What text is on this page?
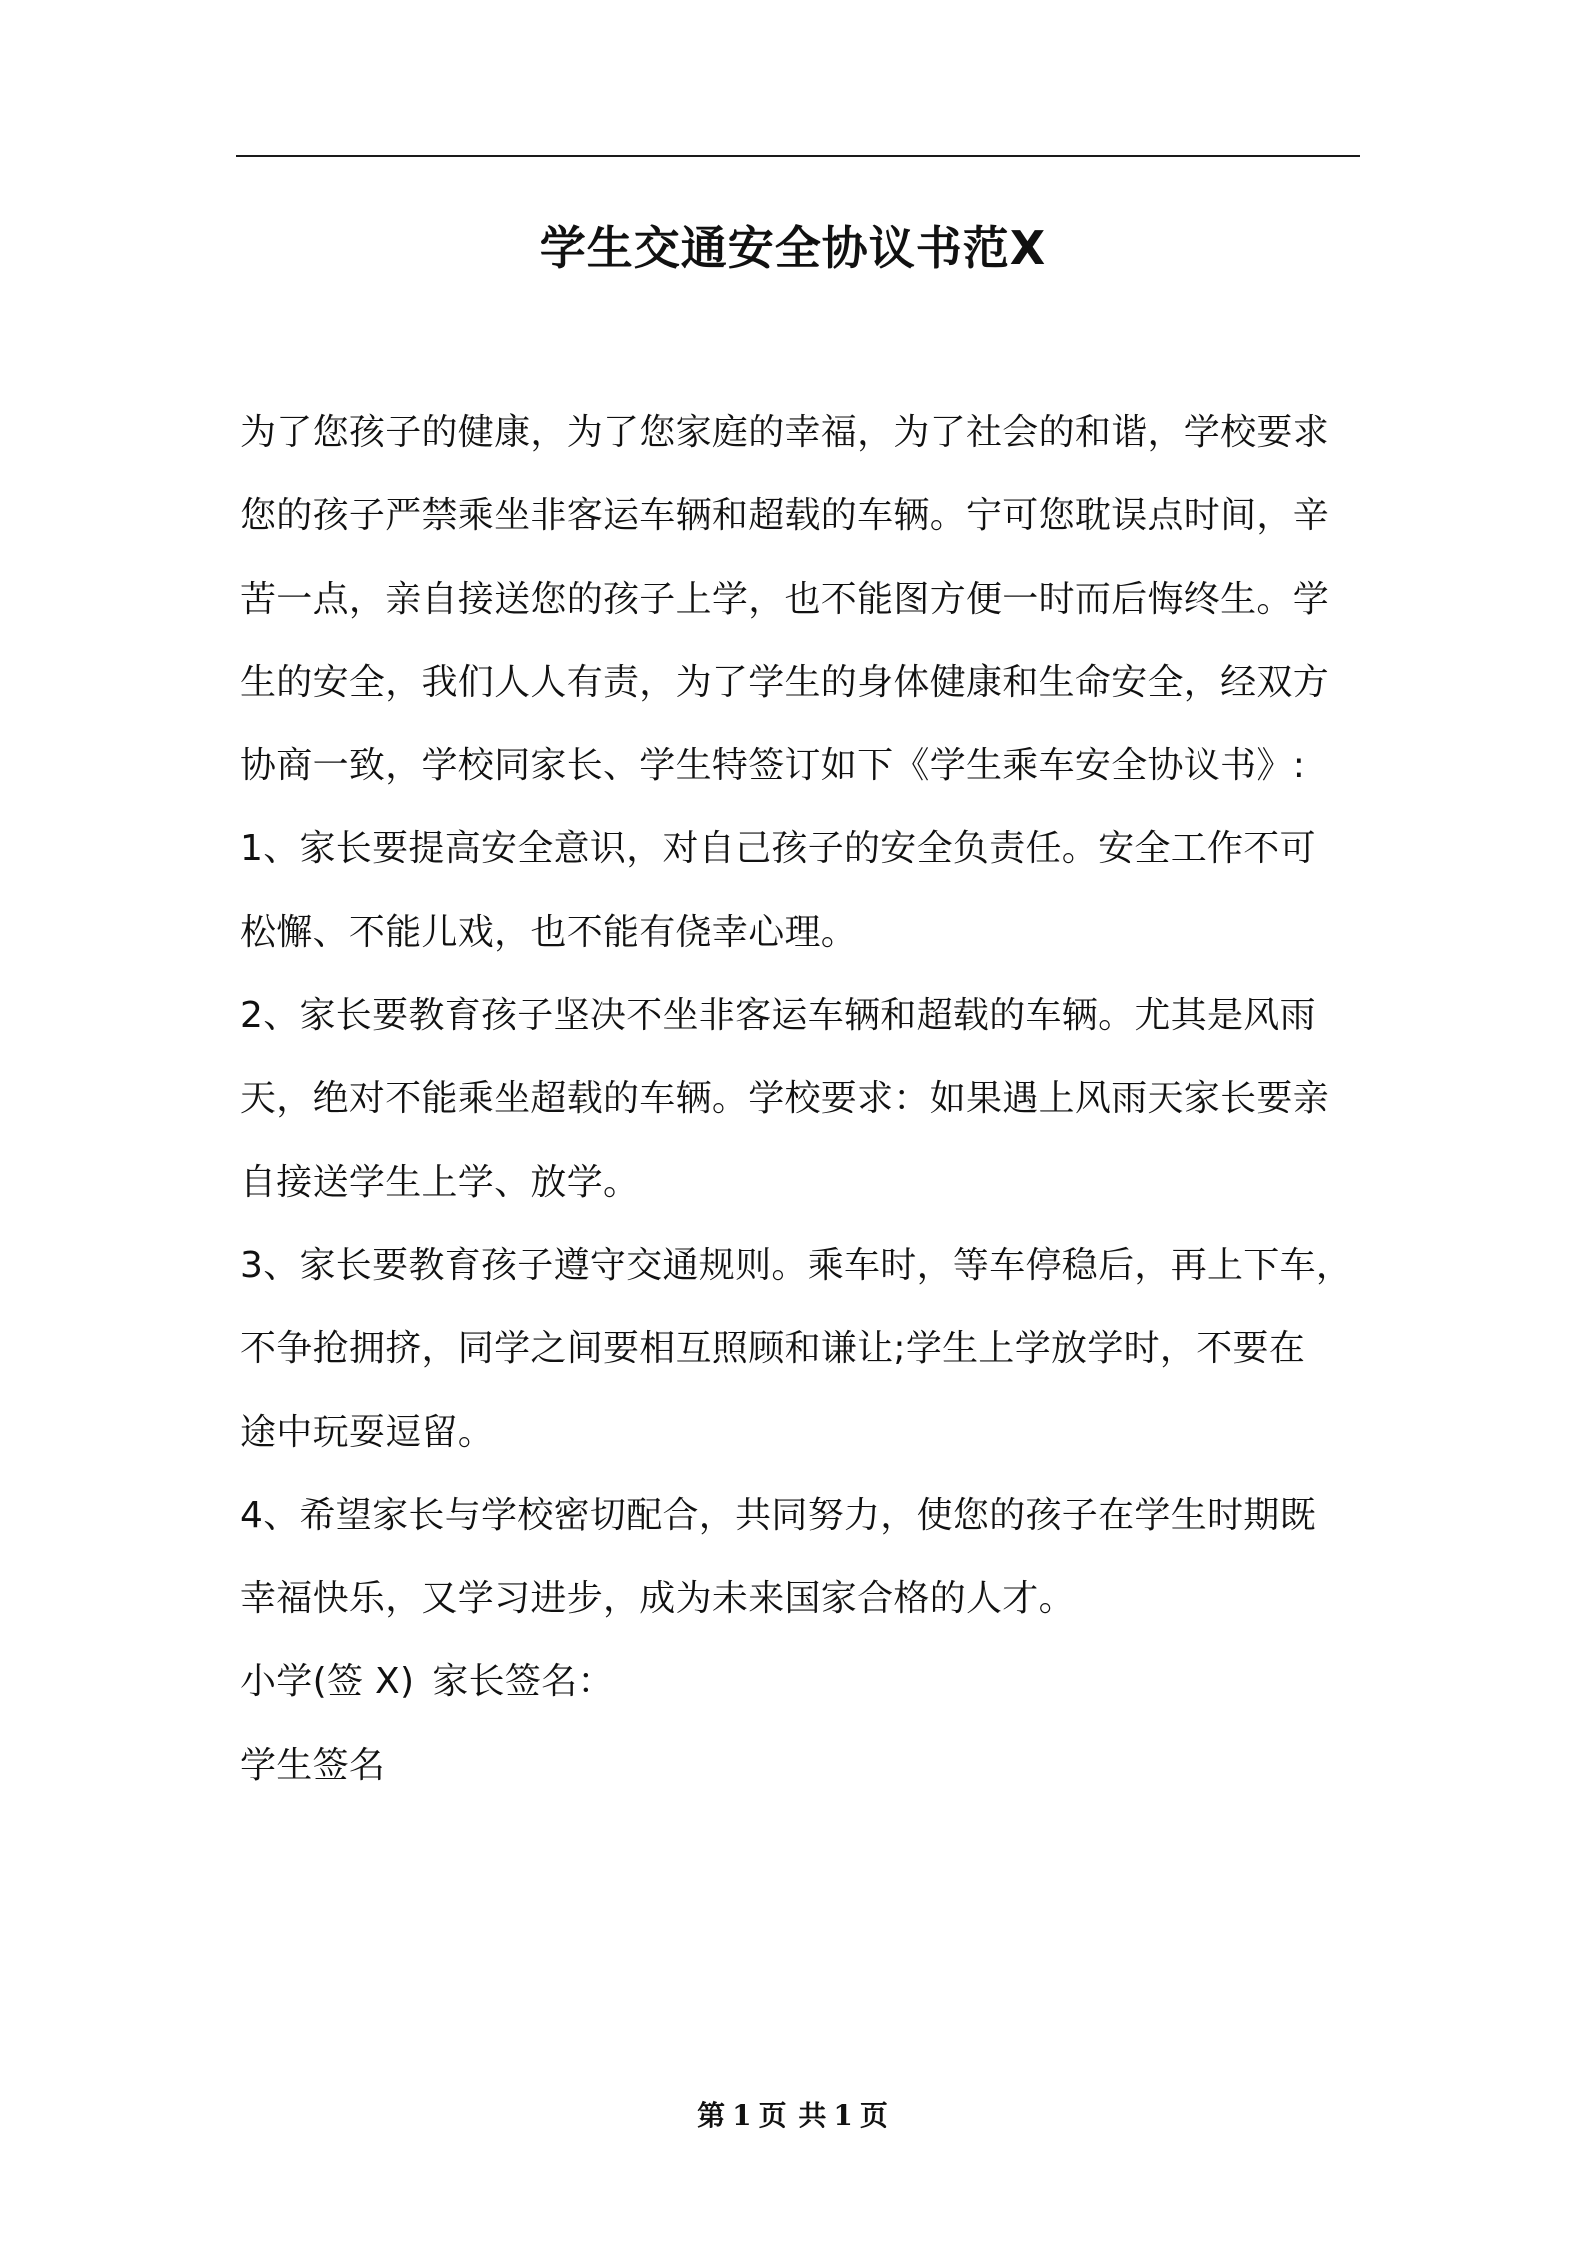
学生交通安全协议书范X
为了您孩子的健康，为了您家庭的幸福，为了社会的和谐，学校要求
您的孩子严禁乘坐非客运车辆和超载的车辆。宁可您耽误点时间，辛
苦一点，亲自接送您的孩子上学，也不能图方便一时而后悔终生。学
生的安全，我们人人有责，为了学生的身体健康和生命安全，经双方
协商一致，学校同家长、学生特签订如下《学生乘车安全协议书》:
1、家长要提高安全意识，对自己孩子的安全负责任。安全工作不可
松懈、不能儿戏，也不能有侥幸心理。
2、家长要教育孩子坚决不坐非客运车辆和超载的车辆。尤其是风雨
天，绝对不能乘坐超载的车辆。学校要求：如果遇上风雨天家长要亲
自接送学生上学、放学。
3、家长要教育孩子遵守交通规则。乘车时，等车停稳后，再上下车，
不争抢拥挤，同学之间要相互照顾和谦让;学生上学放学时，不要在
途中玩耍逗留。
4、希望家长与学校密切配合，共同努力，使您的孩子在学生时期既
幸福快乐，又学习进步，成为未来国家合格的人才。
小学(签 X) 家长签名：
学生签名
第 1 页 共 1 页
